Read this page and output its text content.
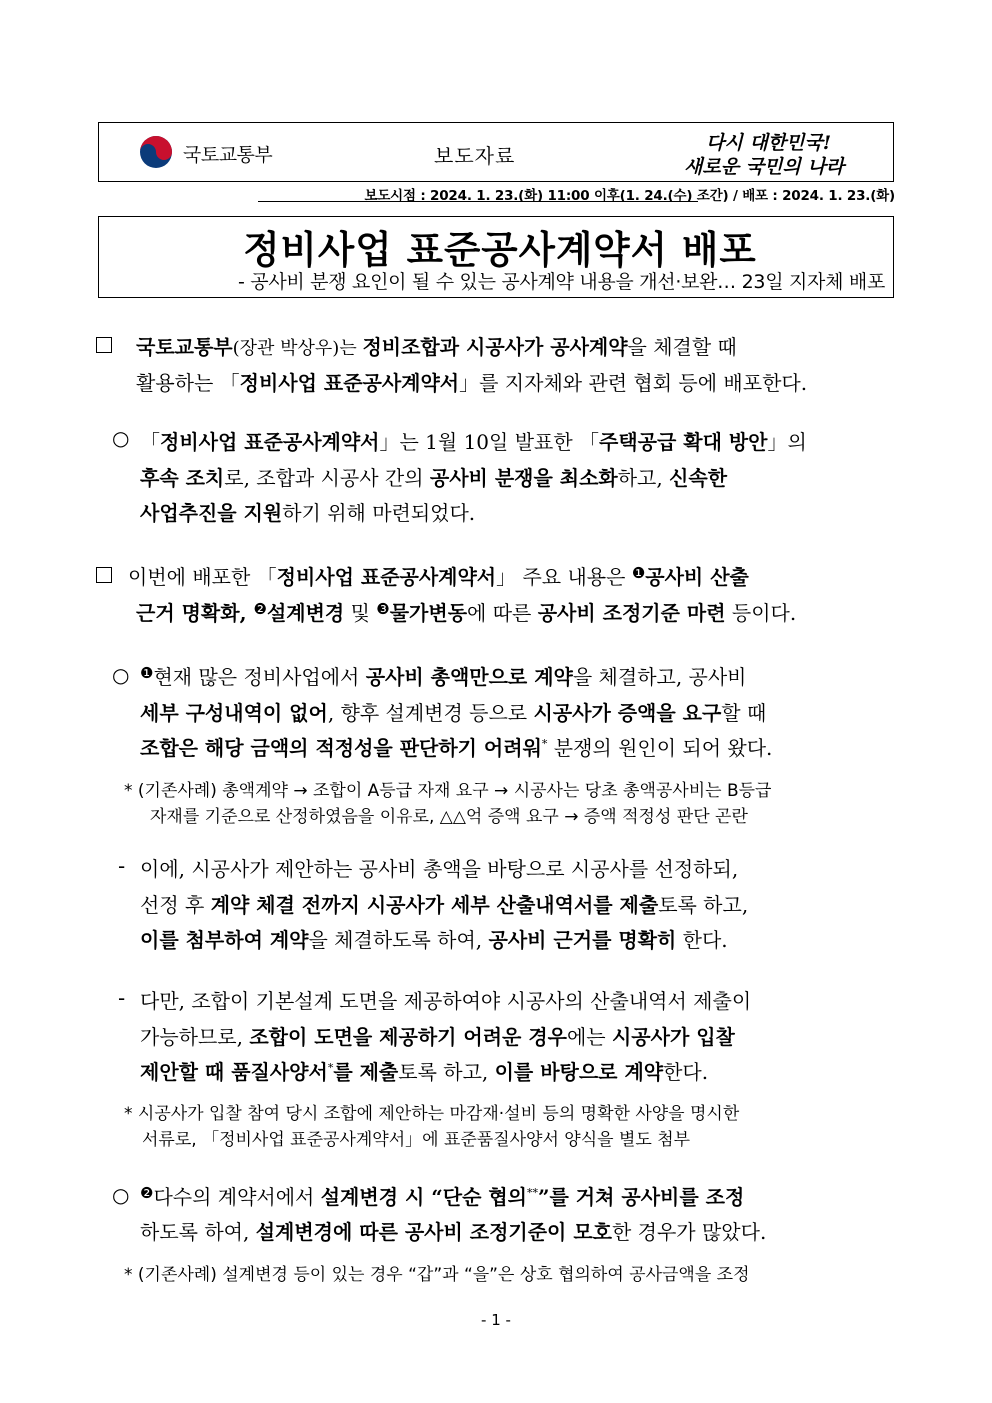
국토교통부	보도자료
다시 대한민국!
새로운 국민의 나라
보도시점 : 2024. 1. 23.(화) 11:00 이후(1. 24.(수) 조간) / 배포 : 2024. 1. 23.(화)
정비사업 표준공사계약서 배포
- 공사비 분쟁 요인이 될 수 있는 공사계약 내용을 개선·보완… 23일 지자체 배포
국토교통부(장관 박상우)는 정비조합과 시공사가 공사계약을 체결할 때
활용하는 「정비사업 표준공사계약서」를 지자체와 관련 협회 등에 배포한다.
○ 「정비사업 표준공사계약서」는 1월 10일 발표한 「주택공급 확대 방안」의
후속 조치로, 조합과 시공사 간의 공사비 분쟁을 최소화하고, 신속한
사업추진을 지원하기 위해 마련되었다.
이번에 배포한 「정비사업 표준공사계약서」 주요 내용은 $^❶$공사비 산출
근거 명확화, $^❷$설계변경 및 $^❸$물가변동에 따른 공사비 조정기준 마련 등이다.
○ $^❶$현재 많은 정비사업에서 공사비 총액만으로 계약을 체결하고, 공사비
세부 구성내역이 없어, 향후 설계변경 등으로 시공사가 증액을 요구할 때
조합은 해당 금액의 적정성을 판단하기 어려워* 분쟁의 원인이 되어 왔다.
* (기존사례) 총액계약 → 조합이 A등급 자재 요구 → 시공사는 당초 총액공사비는 B등급
자재를 기준으로 산정하였음을 이유로, △△억 증액 요구 → 증액 적정성 판단 곤란
- 이에, 시공사가 제안하는 공사비 총액을 바탕으로 시공사를 선정하되,
선정 후 계약 체결 전까지 시공사가 세부 산출내역서를 제출토록 하고,
이를 첨부하여 계약을 체결하도록 하여, 공사비 근거를 명확히 한다.
- 다만, 조합이 기본설계 도면을 제공하여야 시공사의 산출내역서 제출이
가능하므로, 조합이 도면을 제공하기 어려운 경우에는 시공사가 입찰
제안할 때 품질사양서*를 제출토록 하고, 이를 바탕으로 계약한다.
* 시공사가 입찰 참여 당시 조합에 제안하는 마감재·설비 등의 명확한 사양을 명시한
서류로, 「정비사업 표준공사계약서」에 표준품질사양서 양식을 별도 첨부
○ $^❷$다수의 계약서에서 설계변경 시 “단순 협의**”를 거쳐 공사비를 조정
하도록 하여, 설계변경에 따른 공사비 조정기준이 모호한 경우가 많았다.
* (기존사례) 설계변경 등이 있는 경우 “갑”과 “을”은 상호 협의하여 공사금액을 조정
- 1 -
